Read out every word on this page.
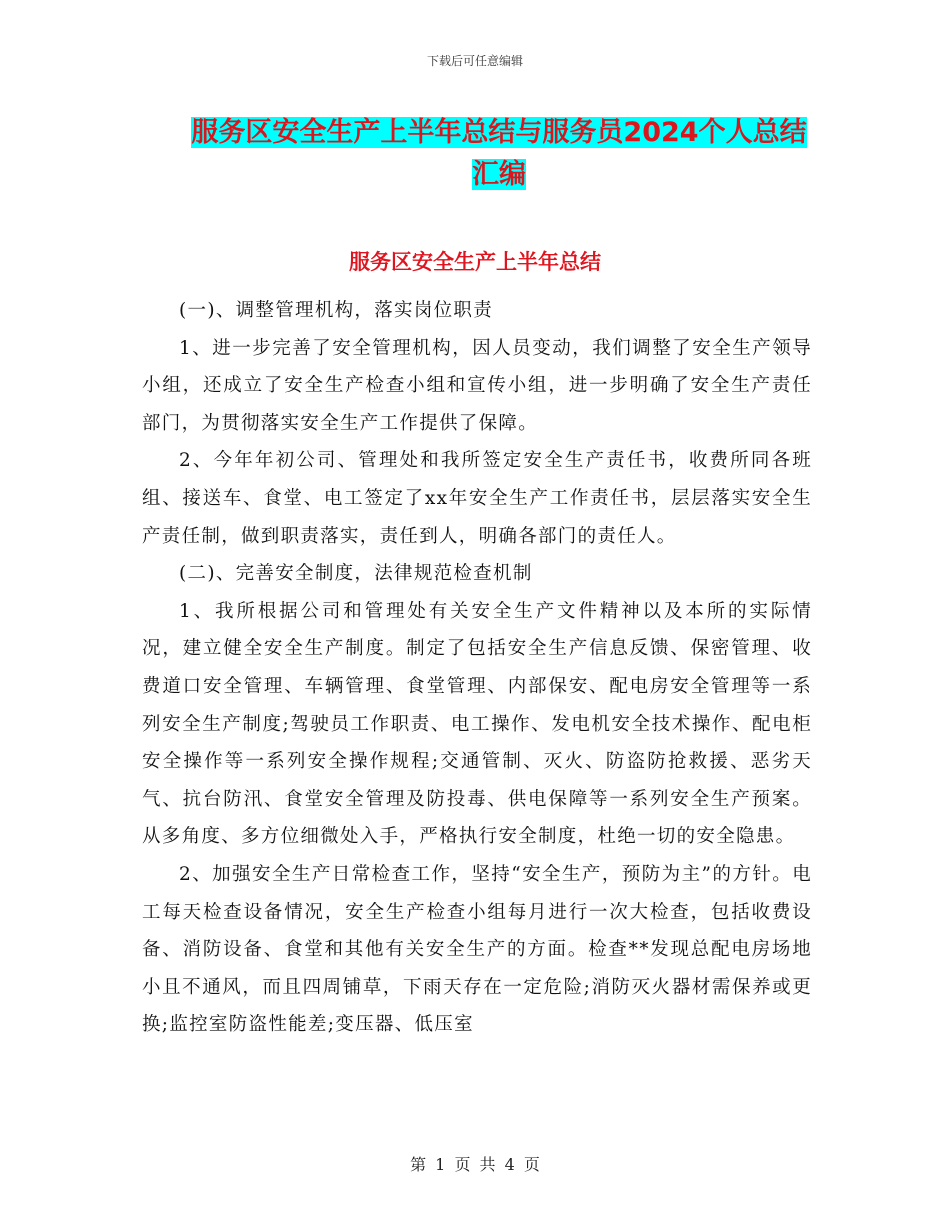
下载后可任意编辑
服务区安全生产上半年总结与服务员2024个人总结汇编
服务区安全生产上半年总结

(一)、调整管理机构，落实岗位职责

1、进一步完善了安全管理机构，因人员变动，我们调整了安全生产领导小组，还成立了安全生产检查小组和宣传小组，进一步明确了安全生产责任部门，为贯彻落实安全生产工作提供了保障。

2、今年年初公司、管理处和我所签定安全生产责任书，收费所同各班组、接送车、食堂、电工签定了xx年安全生产工作责任书，层层落实安全生产责任制，做到职责落实，责任到人，明确各部门的责任人。

(二)、完善安全制度，法律规范检查机制

1、我所根据公司和管理处有关安全生产文件精神以及本所的实际情 况，建立健全安全生产制度。制定了包括安全生产信息反馈、保密管理、收费道口安全管理、车辆管理、食堂管理、内部保安、配电房安全管理等一系列安全生产制度;驾驶员工作职责、电工操作、发电机安全技术操作、配电柜安全操作等一系列安全操作规程;交通管制、灭火、防盗防抢救援、恶劣天气、抗台防汛、食堂安全管理及防投毒、供电保障等一系列安全生产预案。从多角度、多方位细微处入手，严格执行安全制度，杜绝一切的安全隐患。

2、加强安全生产日常检查工作，坚持“安全生产，预防为主”的方针。电工每天检查设备情况，安全生产检查小组每月进行一次大检查，包括收费设备、消防设备、食堂和其他有关安全生产的方面。检查**发现总配电房场地小且不通风，而且四周铺草，下雨天存在一定危险;消防灭火器材需保养或更换;监控室防盗性能差;变压器、低压室

第 1 页 共 4 页
